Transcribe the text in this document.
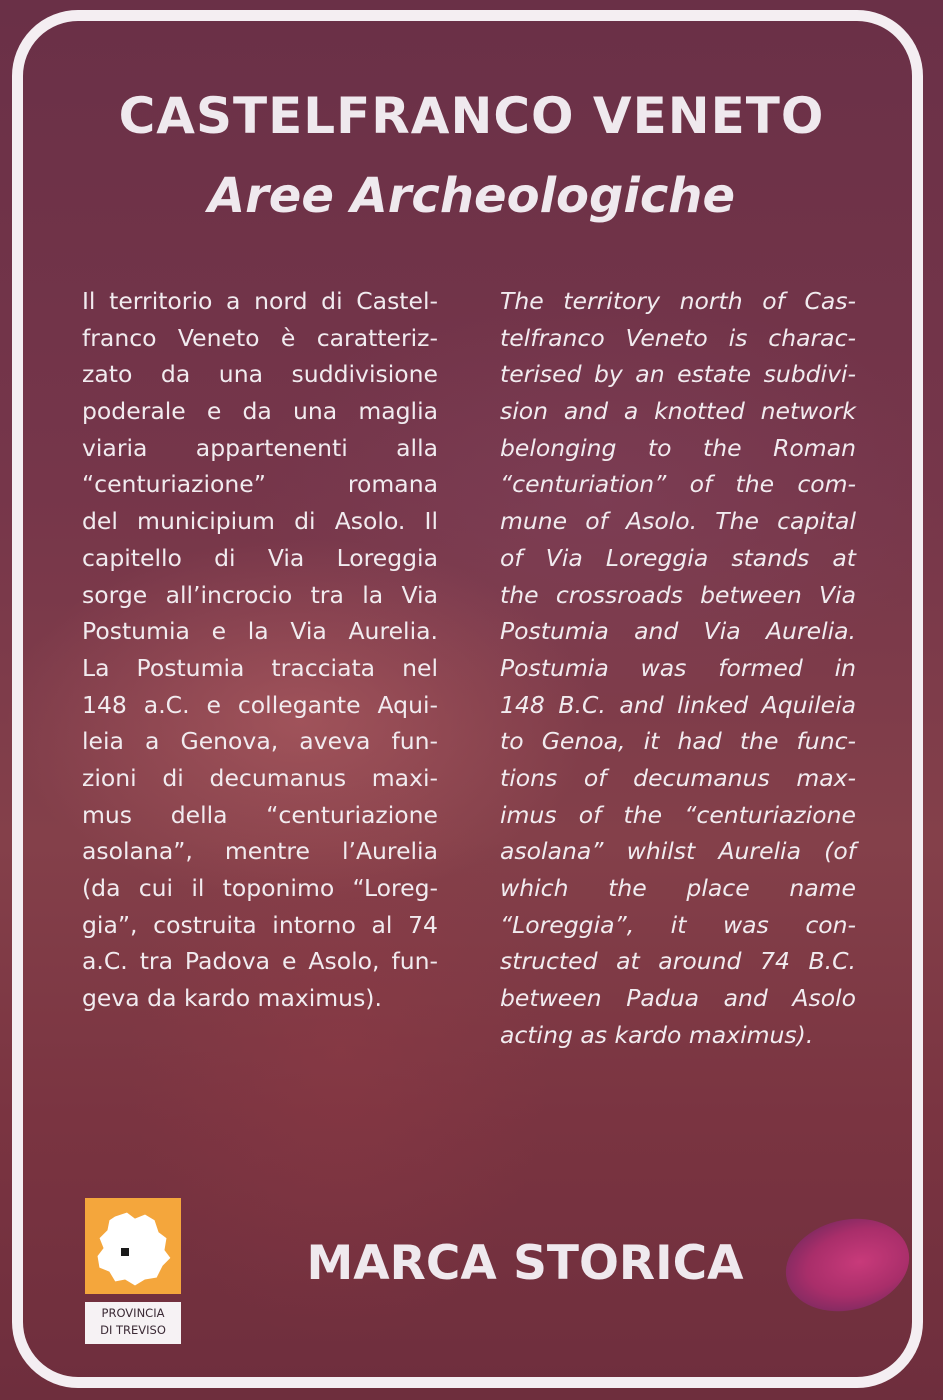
CASTELFRANCO VENETO
Aree Archeologiche
Il territorio a nord di Castel-
franco Veneto è caratteriz-
zato da una suddivisione
poderale e da una maglia
viaria appartenenti alla
“centuriazione” romana
del municipium di Asolo. Il
capitello di Via Loreggia
sorge all’incrocio tra la Via
Postumia e la Via Aurelia.
La Postumia tracciata nel
148 a.C. e collegante Aqui-
leia a Genova, aveva fun-
zioni di decumanus maxi-
mus della “centuriazione
asolana”, mentre l’Aurelia
(da cui il toponimo “Loreg-
gia”, costruita intorno al 74
a.C. tra Padova e Asolo, fun-
geva da kardo maximus).
The territory north of Cas-
telfranco Veneto is charac-
terised by an estate subdivi-
sion and a knotted network
belonging to the Roman
“centuriation” of the com-
mune of Asolo. The capital
of Via Loreggia stands at
the crossroads between Via
Postumia and Via Aurelia.
Postumia was formed in
148 B.C. and linked Aquileia
to Genoa, it had the func-
tions of decumanus max-
imus of the “centuriazione
asolana” whilst Aurelia (of
which the place name
“Loreggia”, it was con-
structed at around 74 B.C.
between Padua and Asolo
acting as kardo maximus).
PROVINCIA
DI TREVISO
MARCA STORICA
